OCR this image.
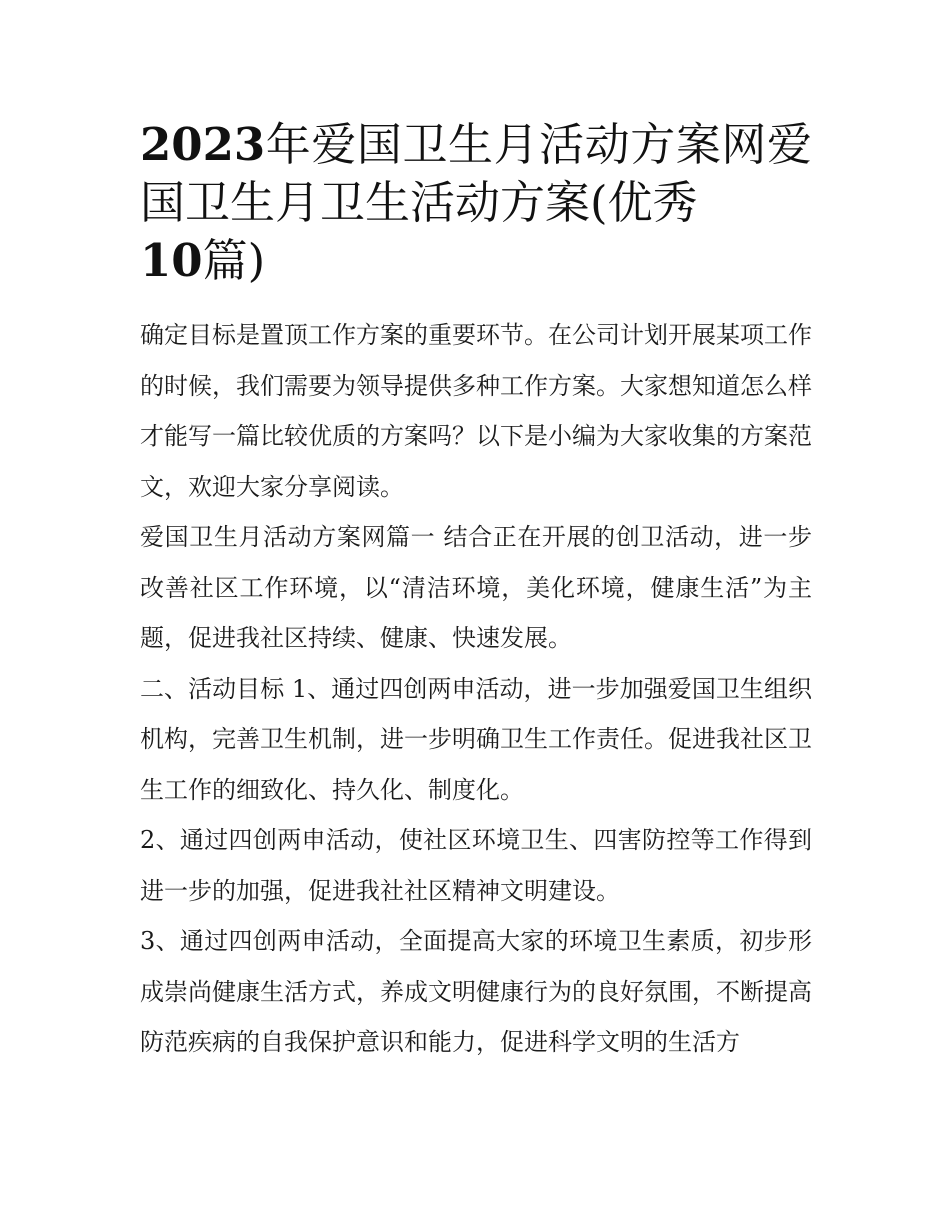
2023年爱国卫生月活动方案网爱国卫生月卫生活动方案(优秀
10篇)

确定目标是置顶工作方案的重要环节。在公司计划开展某项工作的时候，我们需要为领导提供多种工作方案。大家想知道怎么样才能写一篇比较优质的方案吗？以下是小编为大家收集的方案范文，欢迎大家分享阅读。

爱国卫生月活动方案网篇一 结合正在开展的创卫活动，进一步改善社区工作环境，以“清洁环境，美化环境，健康生活”为主题，促进我社区持续、健康、快速发展。

二、活动目标 1、通过四创两申活动，进一步加强爱国卫生组织机构，完善卫生机制，进一步明确卫生工作责任。促进我社区卫生工作的细致化、持久化、制度化。

2、通过四创两申活动，使社区环境卫生、四害防控等工作得到进一步的加强，促进我社社区精神文明建设。

3、通过四创两申活动，全面提高大家的环境卫生素质，初步形成崇尚健康生活方式，养成文明健康行为的良好氛围，不断提高防范疾病的自我保护意识和能力，促进科学文明的生活方
